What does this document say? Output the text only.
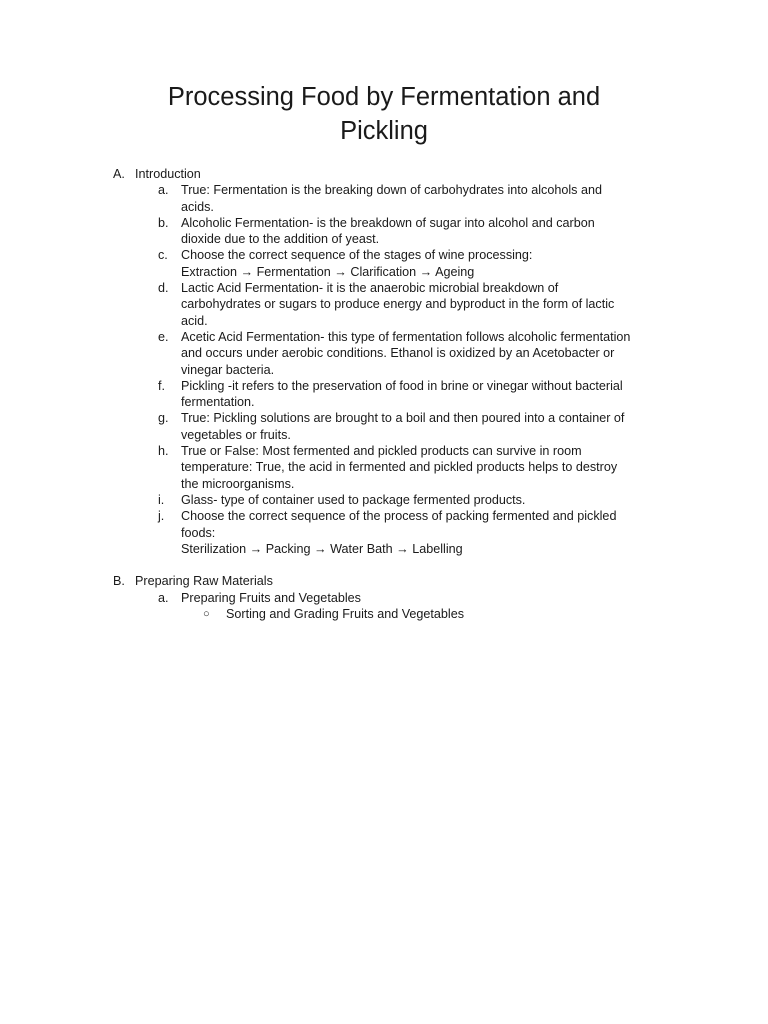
Processing Food by Fermentation and
Pickling
A. Introduction
a. True: Fermentation is the breaking down of carbohydrates into alcohols and
acids.
b. Alcoholic Fermentation- is the breakdown of sugar into alcohol and carbon
dioxide due to the addition of yeast.
c. Choose the correct sequence of the stages of wine processing:
Extraction → Fermentation → Clarification → Ageing
d. Lactic Acid Fermentation- it is the anaerobic microbial breakdown of
carbohydrates or sugars to produce energy and byproduct in the form of lactic
acid.
e. Acetic Acid Fermentation- this type of fermentation follows alcoholic fermentation
and occurs under aerobic conditions. Ethanol is oxidized by an Acetobacter or
vinegar bacteria.
f. Pickling -it refers to the preservation of food in brine or vinegar without bacterial
fermentation.
g. True: Pickling solutions are brought to a boil and then poured into a container of
vegetables or fruits.
h. True or False: Most fermented and pickled products can survive in room
temperature: True, the acid in fermented and pickled products helps to destroy
the microorganisms.
i. Glass- type of container used to package fermented products.
j. Choose the correct sequence of the process of packing fermented and pickled
foods:
Sterilization → Packing → Water Bath → Labelling
B. Preparing Raw Materials
a. Preparing Fruits and Vegetables
○ Sorting and Grading Fruits and Vegetables
